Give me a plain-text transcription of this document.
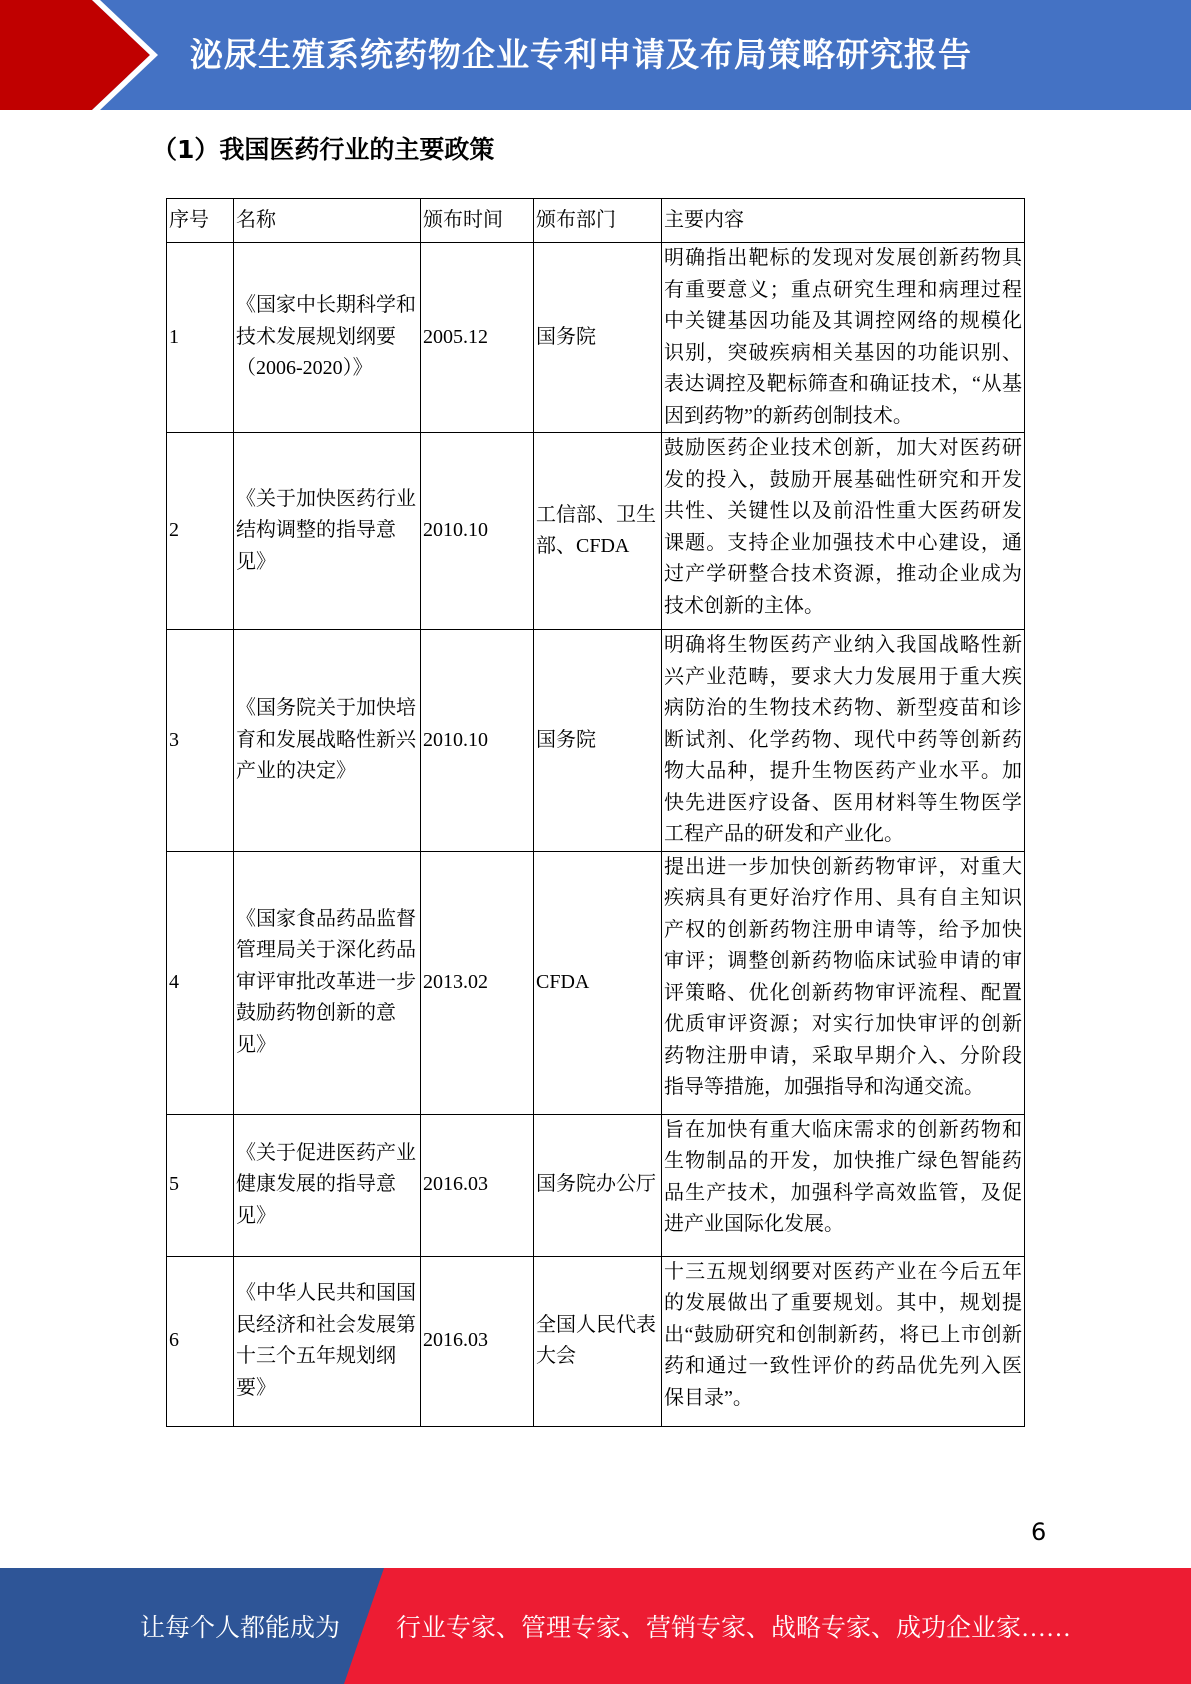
泌尿生殖系统药物企业专利申请及布局策略研究报告
（1）我国医药行业的主要政策
序号	名称	颁布时间	颁布部门	主要内容
1	《国家中长期科学和技术发展规划纲要（2006-2020）》	2005.12	国务院	明确指出靶标的发现对发展创新药物具有重要意义；重点研究生理和病理过程中关键基因功能及其调控网络的规模化识别，突破疾病相关基因的功能识别、表达调控及靶标筛查和确证技术，“从基因到药物”的新药创制技术。
2	《关于加快医药行业结构调整的指导意见》	2010.10	工信部、卫生部、CFDA	鼓励医药企业技术创新，加大对医药研发的投入，鼓励开展基础性研究和开发共性、关键性以及前沿性重大医药研发课题。支持企业加强技术中心建设，通过产学研整合技术资源，推动企业成为技术创新的主体。
3	《国务院关于加快培育和发展战略性新兴产业的决定》	2010.10	国务院	明确将生物医药产业纳入我国战略性新兴产业范畴，要求大力发展用于重大疾病防治的生物技术药物、新型疫苗和诊断试剂、化学药物、现代中药等创新药物大品种，提升生物医药产业水平。加快先进医疗设备、医用材料等生物医学工程产品的研发和产业化。
4	《国家食品药品监督管理局关于深化药品审评审批改革进一步鼓励药物创新的意见》	2013.02	CFDA	提出进一步加快创新药物审评，对重大疾病具有更好治疗作用、具有自主知识产权的创新药物注册申请等，给予加快审评；调整创新药物临床试验申请的审评策略、优化创新药物审评流程、配置优质审评资源；对实行加快审评的创新药物注册申请，采取早期介入、分阶段指导等措施，加强指导和沟通交流。
5	《关于促进医药产业健康发展的指导意见》	2016.03	国务院办公厅	旨在加快有重大临床需求的创新药物和生物制品的开发，加快推广绿色智能药品生产技术，加强科学高效监管，及促进产业国际化发展。
6	《中华人民共和国国民经济和社会发展第十三个五年规划纲要》	2016.03	全国人民代表大会	十三五规划纲要对医药产业在今后五年的发展做出了重要规划。其中，规划提出“鼓励研究和创制新药，将已上市创新药和通过一致性评价的药品优先列入医保目录”。
6
让每个人都能成为 行业专家、管理专家、营销专家、战略专家、成功企业家……
